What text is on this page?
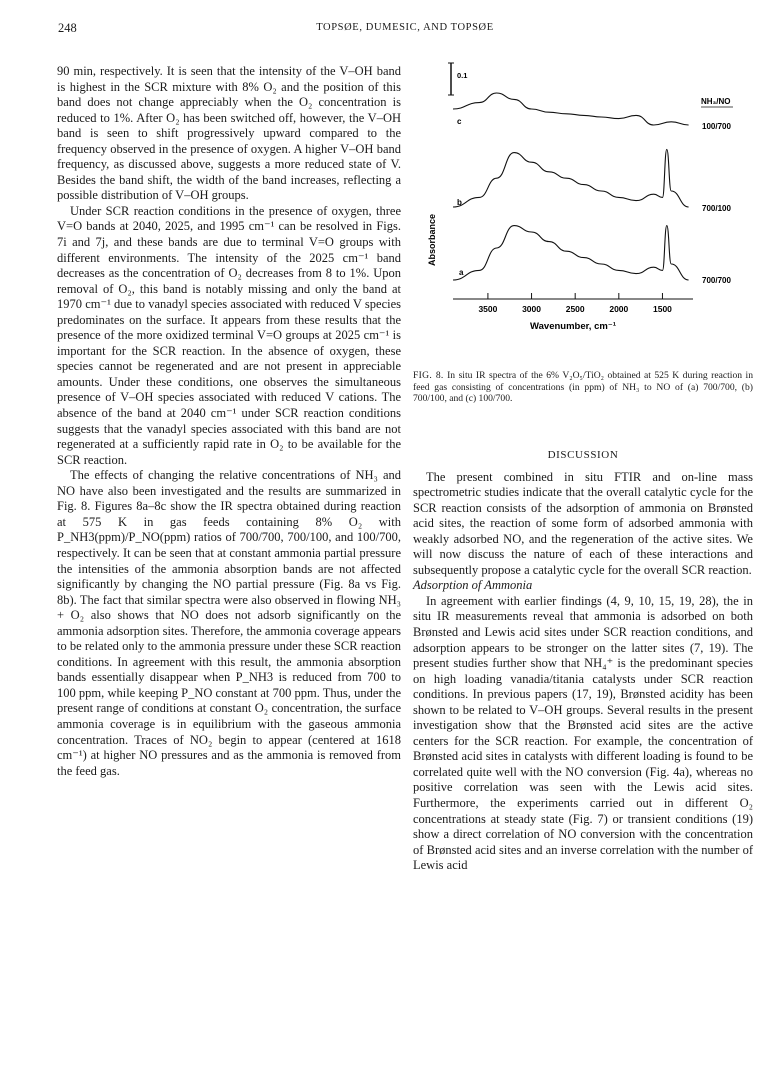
248	TOPSØE, DUMESIC, AND TOPSØE

90 min, respectively. It is seen that the intensity of the V–OH band is highest in the SCR mixture with 8% O₂ and the position of this band does not change appreciably when the O₂ concentration is reduced to 1%. After O₂ has been switched off, however, the V–OH band is seen to shift progressively upward compared to the frequency observed in the presence of oxygen. A higher V–OH band frequency, as discussed above, suggests a more reduced state of V. Besides the band shift, the width of the band increases, reflecting a possible distribution of V–OH groups.

Under SCR reaction conditions in the presence of oxygen, three V=O bands at 2040, 2025, and 1995 cm⁻¹ can be resolved in Figs. 7i and 7j, and these bands are due to terminal V=O groups with different environments. The intensity of the 2025 cm⁻¹ band decreases as the concentration of O₂ decreases from 8 to 1%. Upon removal of O₂, this band is notably missing and only the band at 1970 cm⁻¹ due to vanadyl species associated with reduced V species predominates on the surface. It appears from these results that the presence of the more oxidized terminal V=O groups at 2025 cm⁻¹ is important for the SCR reaction. In the absence of oxygen, these species cannot be regenerated and are not present in appreciable amounts. Under these conditions, one observes the simultaneous presence of V–OH species associated with reduced V cations. The absence of the band at 2040 cm⁻¹ under SCR reaction conditions suggests that the vanadyl species associated with this band are not regenerated at a sufficiently rapid rate in O₂ to be available for the SCR reaction.

The effects of changing the relative concentrations of NH₃ and NO have also been investigated and the results are summarized in Fig. 8. Figures 8a–8c show the IR spectra obtained during reaction at 575 K in gas feeds containing 8% O₂ with P_NH3(ppm)/P_NO(ppm) ratios of 700/700, 700/100, and 100/700, respectively. It can be seen that at constant ammonia partial pressure the intensities of the ammonia absorption bands are not affected significantly by changing the NO partial pressure (Fig. 8a vs Fig. 8b). The fact that similar spectra were also observed in flowing NH₃ + O₂ also shows that NO does not adsorb significantly on the ammonia adsorption sites. Therefore, the ammonia coverage appears to be related only to the ammonia pressure under these SCR reaction conditions. In agreement with this result, the ammonia absorption bands essentially disappear when P_NH3 is reduced from 700 to 100 ppm, while keeping P_NO constant at 700 ppm. Thus, under the present range of conditions at constant O₂ concentration, the surface ammonia coverage is in equilibrium with the gaseous ammonia concentration. Traces of NO₂ begin to appear (centered at 1618 cm⁻¹) at higher NO pressures and as the ammonia is removed from the feed gas.

0.1
Absorbance
NH₃/NO
c
100/700
b
700/100
a
700/700
3500	3000	2500	2000	1500
Wavenumber, cm⁻¹
FIG. 8. In situ IR spectra of the 6% V₂O₅/TiO₂ obtained at 525 K during reaction in feed gas consisting of concentrations (in ppm) of NH₃ to NO of (a) 700/700, (b) 700/100, and (c) 100/700.
DISCUSSION

The present combined in situ FTIR and on-line mass spectrometric studies indicate that the overall catalytic cycle for the SCR reaction consists of the adsorption of ammonia on Brønsted acid sites, the reaction of some form of adsorbed ammonia with weakly adsorbed NO, and the regeneration of the active sites. We will now discuss the nature of each of these interactions and subsequently propose a catalytic cycle for the overall SCR reaction.

Adsorption of Ammonia

In agreement with earlier findings (4, 9, 10, 15, 19, 28), the in situ IR measurements reveal that ammonia is adsorbed on both Brønsted and Lewis acid sites under SCR reaction conditions, and adsorption appears to be stronger on the latter sites (7, 19). The present studies further show that NH₄⁺ is the predominant species on high loading vanadia/titania catalysts under SCR reaction conditions. In previous papers (17, 19), Brønsted acidity has been shown to be related to V–OH groups. Several results in the present investigation show that the Brønsted acid sites are the active centers for the SCR reaction. For example, the concentration of Brønsted acid sites in catalysts with different loading is found to be correlated quite well with the NO conversion (Fig. 4a), whereas no positive correlation was seen with the Lewis acid sites. Furthermore, the experiments carried out in different O₂ concentrations at steady state (Fig. 7) or transient conditions (19) show a direct correlation of NO conversion with the concentration of Brønsted acid sites and an inverse correlation with the number of Lewis acid
